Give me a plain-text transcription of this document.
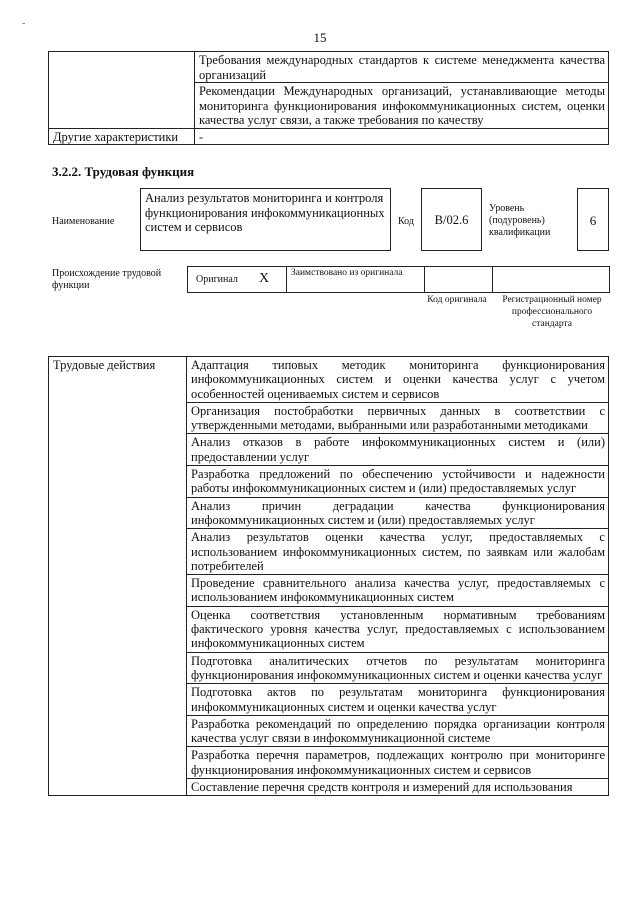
-
15
	Требования международных стандартов к системе менеджмента качества организаций
	Рекомендации Международных организаций, устанавливающие методы мониторинга функционирования инфокоммуникационных систем, оценки качества услуг связи, а также требования по качеству
Другие характеристики	-
3.2.2. Трудовая функция
Наименование
Анализ результатов мониторинга и контроля функционирования инфокоммуникационных систем и сервисов	Код	B/02.6
Уровень (подуровень) квалификации
6
Происхождение трудовой функции
Оригинал X Заимствовано из оригинала
Код оригинала	Регистрационный номер профессионального стандарта
Трудовые действия	Адаптация типовых методик мониторинга функционирования инфокоммуникационных систем и оценки качества услуг с учетом особенностей оцениваемых систем и сервисов
Организация постобработки первичных данных в соответствии с утвержденными методами, выбранными или разработанными методиками
Анализ отказов в работе инфокоммуникационных систем и (или) предоставлении услуг
Разработка предложений по обеспечению устойчивости и надежности работы инфокоммуникационных систем и (или) предоставляемых услуг
Анализ причин деградации качества функционирования инфокоммуникационных систем и (или) предоставляемых услуг
Анализ результатов оценки качества услуг, предоставляемых с использованием инфокоммуникационных систем, по заявкам или жалобам потребителей
Проведение сравнительного анализа качества услуг, предоставляемых с использованием инфокоммуникационных систем
Оценка соответствия установленным нормативным требованиям фактического уровня качества услуг, предоставляемых с использованием инфокоммуникационных систем
Подготовка аналитических отчетов по результатам мониторинга функционирования инфокоммуникационных систем и оценки качества услуг
Подготовка актов по результатам мониторинга функционирования инфокоммуникационных систем и оценки качества услуг
Разработка рекомендаций по определению порядка организации контроля качества услуг связи в инфокоммуникационной системе
Разработка перечня параметров, подлежащих контролю при мониторинге функционирования инфокоммуникационных систем и сервисов
Составление перечня средств контроля и измерений для использования
